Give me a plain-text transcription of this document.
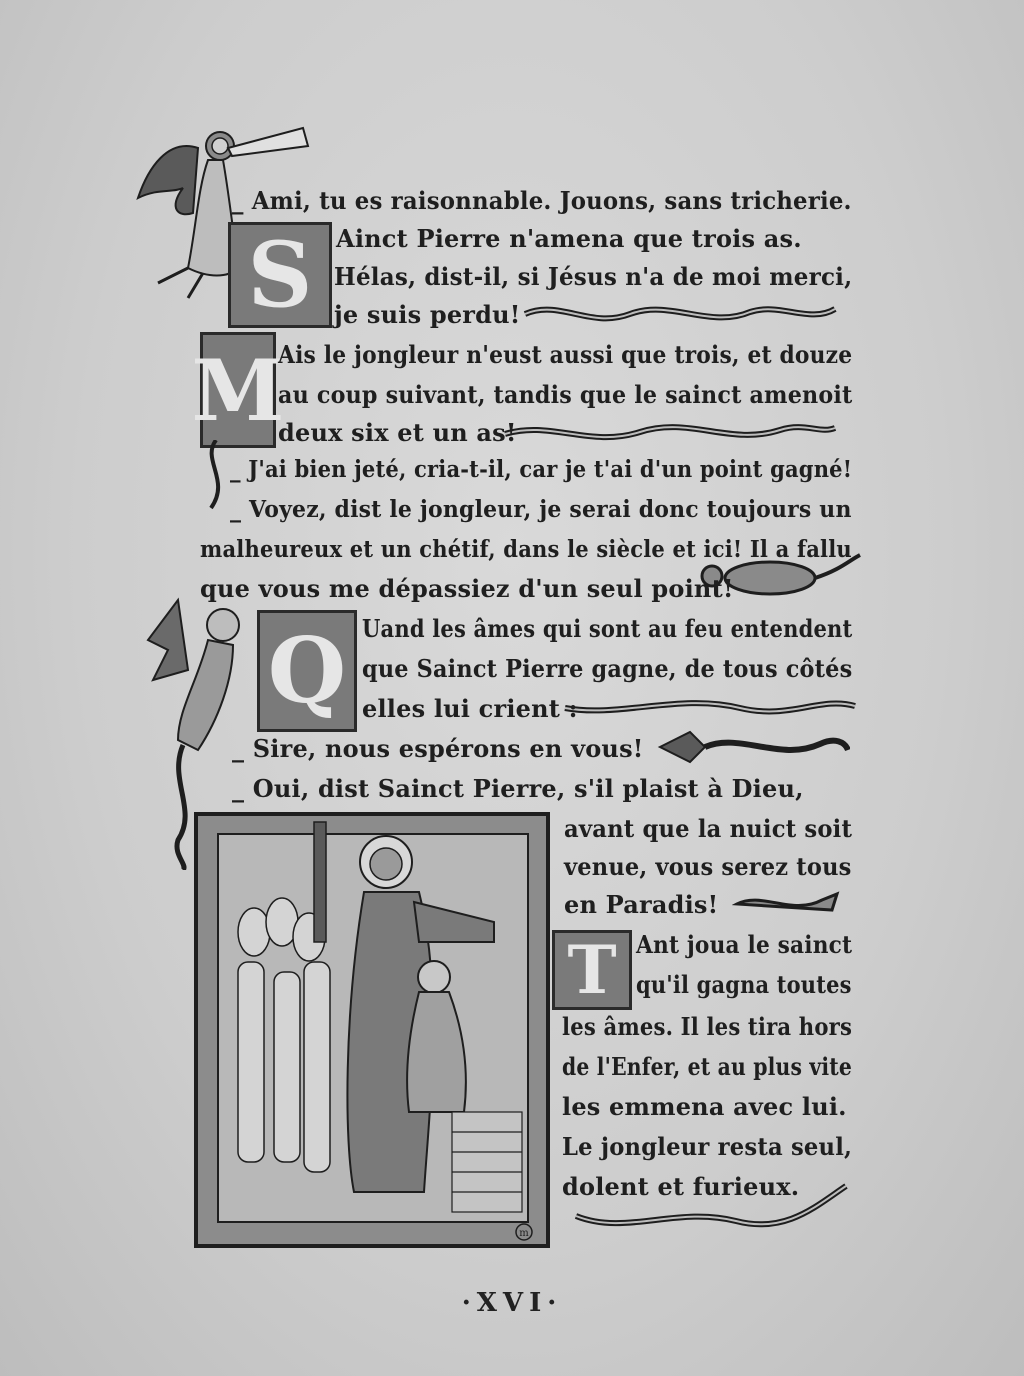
S
M
Q
m
T
_ Ami, tu es raisonnable. Jouons, sans tricherie.
Ainct Pierre n'amena que trois as.
Hélas, dist-il, si Jésus n'a de moi merci,
je suis perdu!
Ais le jongleur n'eust aussi que trois, et douze
au coup suivant, tandis que le sainct amenoit
deux six et un as!
_ J'ai bien jeté, cria-t-il, car je t'ai d'un point gagné!
_ Voyez, dist le jongleur, je serai donc toujours un
malheureux et un chétif, dans le siècle et ici! Il a fallu
que vous me dépassiez d'un seul point!
Uand les âmes qui sont au feu entendent
que Sainct Pierre gagne, de tous côtés
elles lui crient :
_ Sire, nous espérons en vous!
_ Oui, dist Sainct Pierre, s'il plaist à Dieu,
avant que la nuict soit
venue, vous serez tous
en Paradis!
Ant joua le sainct
qu'il gagna toutes
les âmes. Il les tira hors
de l'Enfer, et au plus vite
les emmena avec lui.
Le jongleur resta seul,
dolent et furieux.
·XVI·
